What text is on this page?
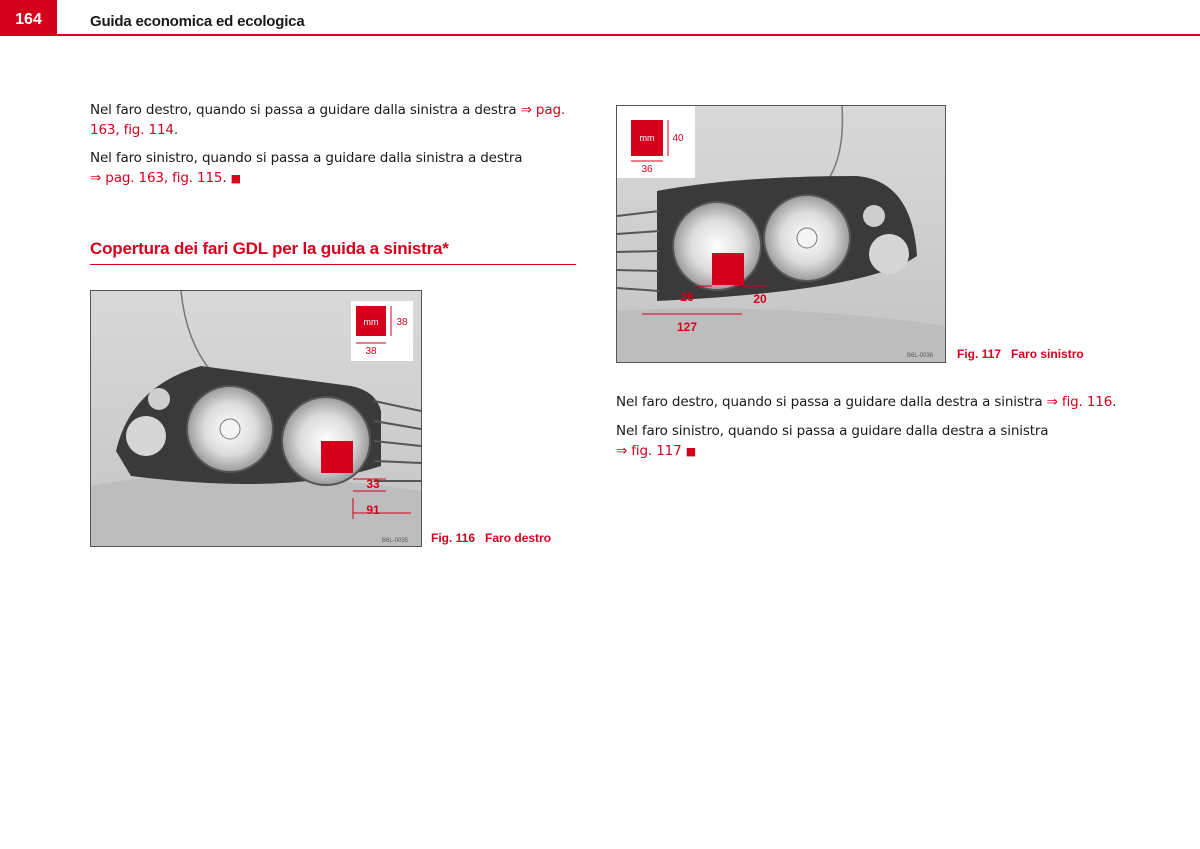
164	Guida economica ed ecologica

Nel faro destro, quando si passa a guidare dalla sinistra a destra ⇒ pag. 163, fig. 114.

Nel faro sinistro, quando si passa a guidare dalla sinistra a destra
⇒ pag. 163, fig. 115. ■

Copertura dei fari GDL per la guida a sinistra*
mm 38
38
33
91
B6L-0035 Fig. 116 Faro destro
mm 40
36
26	20
127
B6L-0036 Fig. 117 Faro sinistro

Nel faro destro, quando si passa a guidare dalla destra a sinistra ⇒ fig. 116.

Nel faro sinistro, quando si passa a guidare dalla destra a sinistra
⇒ fig. 117 ■
